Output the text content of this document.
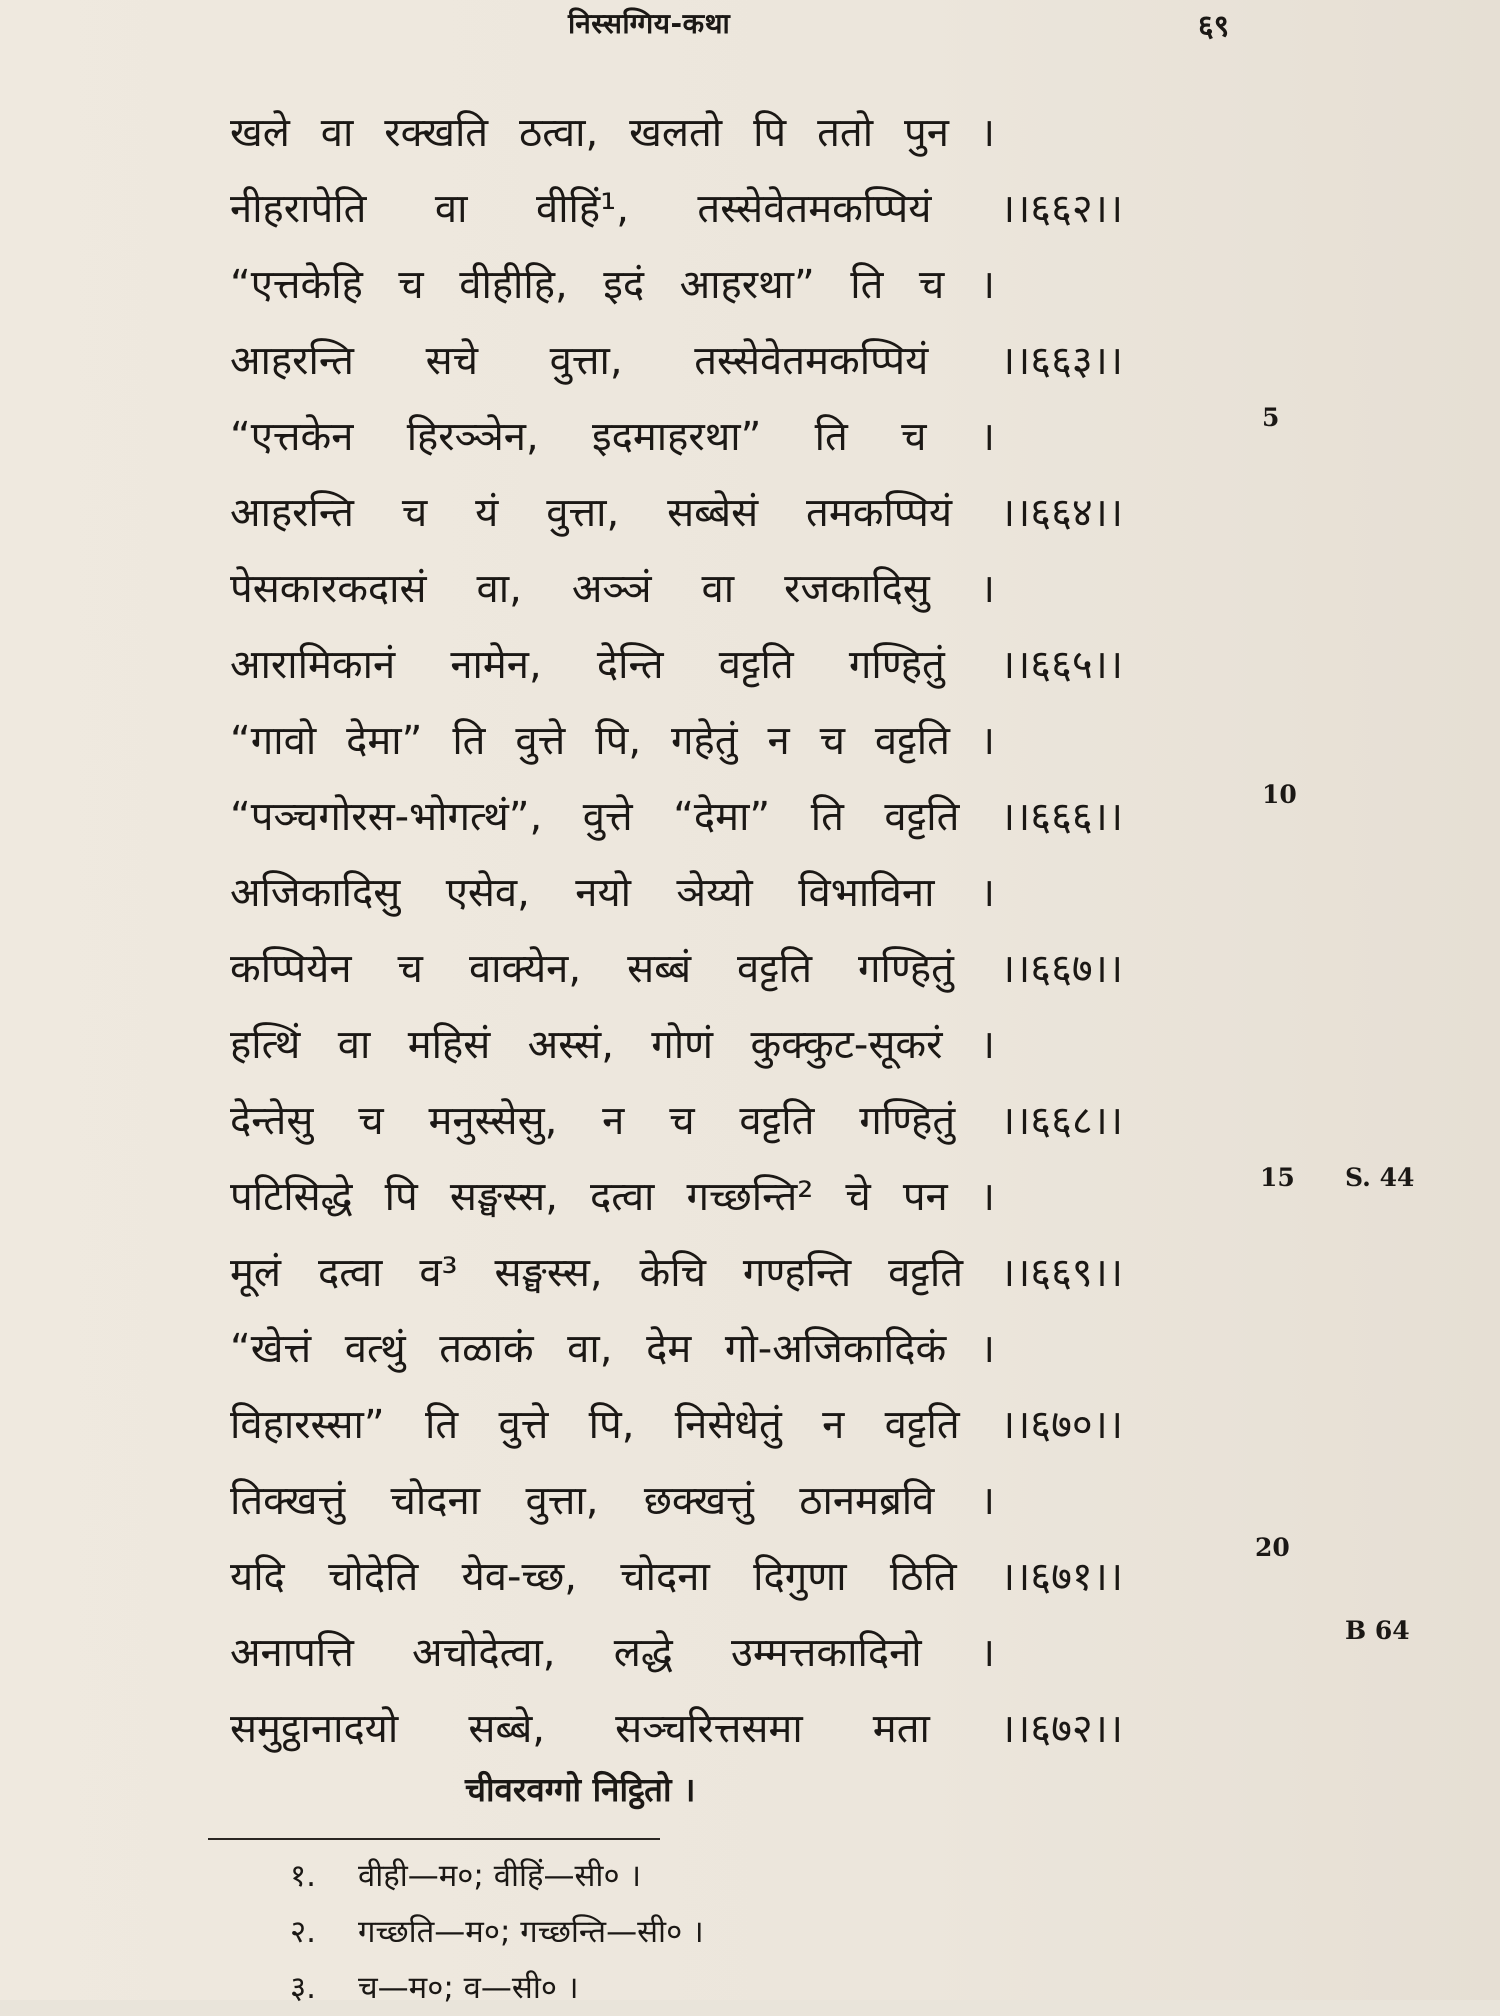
निस्सग्गिय-कथा	६९
खले वा रक्खति ठत्वा, खलतो पि ततो पुन ।
नीहरापेति वा वीहिं¹, तस्सेवेतमकप्पियं ।।६६२।।
“एत्तकेहि च वीहीहि, इदं आहरथा” ति च ।
आहरन्ति सचे वुत्ता, तस्सेवेतमकप्पियं ।।६६३।।
“एत्तकेन हिरञ्ञेन, इदमाहरथा” ति च ।
आहरन्ति च यं वुत्ता, सब्बेसं तमकप्पियं ।।६६४।।
पेसकारकदासं वा, अञ्ञं वा रजकादिसु ।
आरामिकानं नामेन, देन्ति वट्टति गण्हितुं ।।६६५।।
“गावो देमा” ति वुत्ते पि, गहेतुं न च वट्टति ।
“पञ्चगोरस-भोगत्थं”, वुत्ते “देमा” ति वट्टति ।।६६६।।
अजिकादिसु एसेव, नयो ञेय्यो विभाविना ।
कप्पियेन च वाक्येन, सब्बं वट्टति गण्हितुं ।।६६७।।
हत्थिं वा महिसं अस्सं, गोणं कुक्कुट-सूकरं ।
देन्तेसु च मनुस्सेसु, न च वट्टति गण्हितुं ।।६६८।।
पटिसिद्धे पि सङ्घस्स, दत्वा गच्छन्ति² चे पन ।
मूलं दत्वा व³ सङ्घस्स, केचि गण्हन्ति वट्टति ।।६६९।।
“खेत्तं वत्थुं तळाकं वा, देम गो-अजिकादिकं ।
विहारस्सा” ति वुत्ते पि, निसेधेतुं न वट्टति ।।६७०।।
तिक्खत्तुं चोदना वुत्ता, छक्खत्तुं ठानमब्रवि ।
यदि चोदेति येव-च्छ, चोदना दिगुणा ठिति ।।६७१।।
अनापत्ति अचोदेत्वा, लद्धे उम्मत्तकादिनो ।
समुट्ठानादयो सब्बे, सञ्चरित्तसमा मता ।।६७२।।
5
10
15 S. 44
20
B 64
चीवरवग्गो निट्ठितो ।
१. वीही—म०; वीहिं—सी० ।
२. गच्छति—म०; गच्छन्ति—सी० ।
३. च—म०; व—सी० ।
